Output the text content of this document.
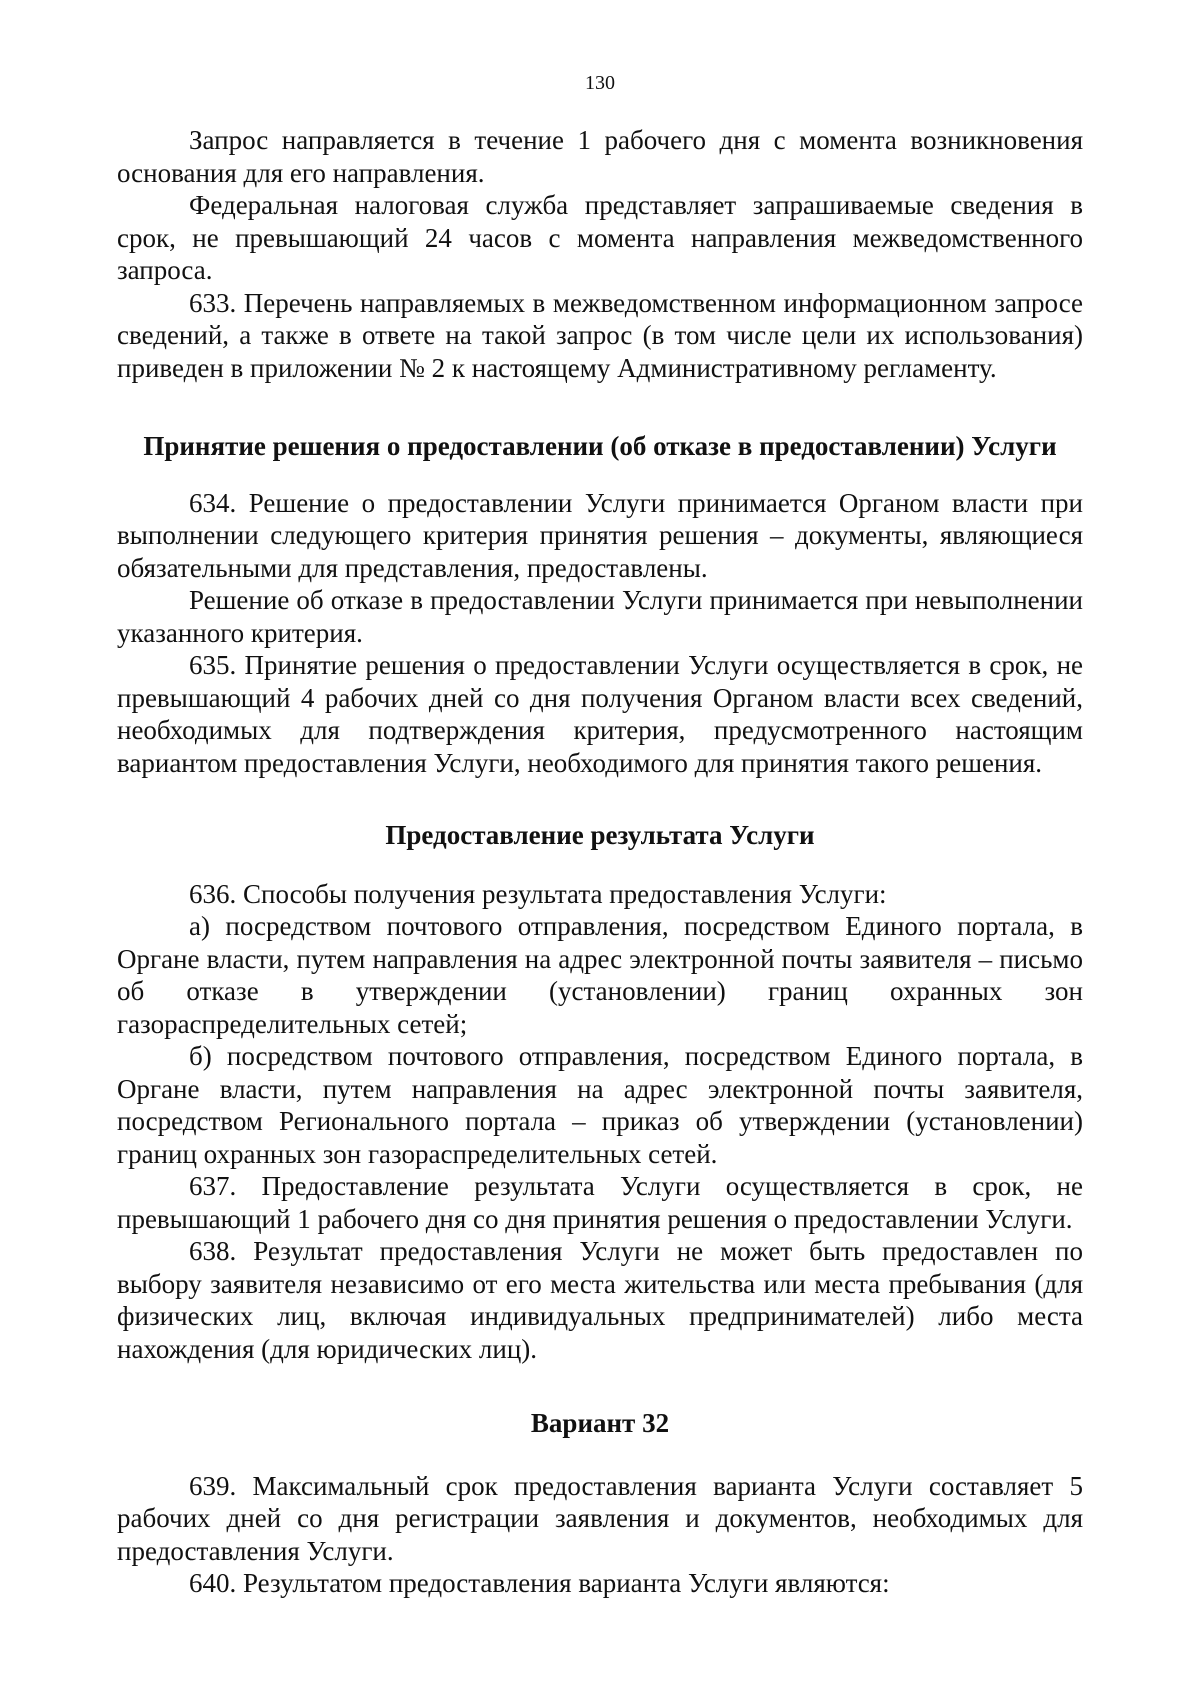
130

Запрос направляется в течение 1 рабочего дня с момента возникновения основания для его направления.

Федеральная налоговая служба представляет запрашиваемые сведения в срок, не превышающий 24 часов с момента направления межведомственного запроса.

633. Перечень направляемых в межведомственном информационном запросе сведений, а также в ответе на такой запрос (в том числе цели их использования) приведен в приложении № 2 к настоящему Административному регламенту.

Принятие решения о предоставлении (об отказе в предоставлении) Услуги

634. Решение о предоставлении Услуги принимается Органом власти при выполнении следующего критерия принятия решения – документы, являющиеся обязательными для представления, предоставлены.

Решение об отказе в предоставлении Услуги принимается при невыполнении указанного критерия.

635. Принятие решения о предоставлении Услуги осуществляется в срок, не превышающий 4 рабочих дней со дня получения Органом власти всех сведений, необходимых для подтверждения критерия, предусмотренного настоящим вариантом предоставления Услуги, необходимого для принятия такого решения.

Предоставление результата Услуги

636. Способы получения результата предоставления Услуги:

а) посредством почтового отправления, посредством Единого портала, в Органе власти, путем направления на адрес электронной почты заявителя – письмо об отказе в утверждении (установлении) границ охранных зон газораспределительных сетей;

б) посредством почтового отправления, посредством Единого портала, в Органе власти, путем направления на адрес электронной почты заявителя, посредством Регионального портала – приказ об утверждении (установлении) границ охранных зон газораспределительных сетей.

637. Предоставление результата Услуги осуществляется в срок, не превышающий 1 рабочего дня со дня принятия решения о предоставлении Услуги.

638. Результат предоставления Услуги не может быть предоставлен по выбору заявителя независимо от его места жительства или места пребывания (для физических лиц, включая индивидуальных предпринимателей) либо места нахождения (для юридических лиц).

Вариант 32

639. Максимальный срок предоставления варианта Услуги составляет 5 рабочих дней со дня регистрации заявления и документов, необходимых для предоставления Услуги.

640. Результатом предоставления варианта Услуги являются:
